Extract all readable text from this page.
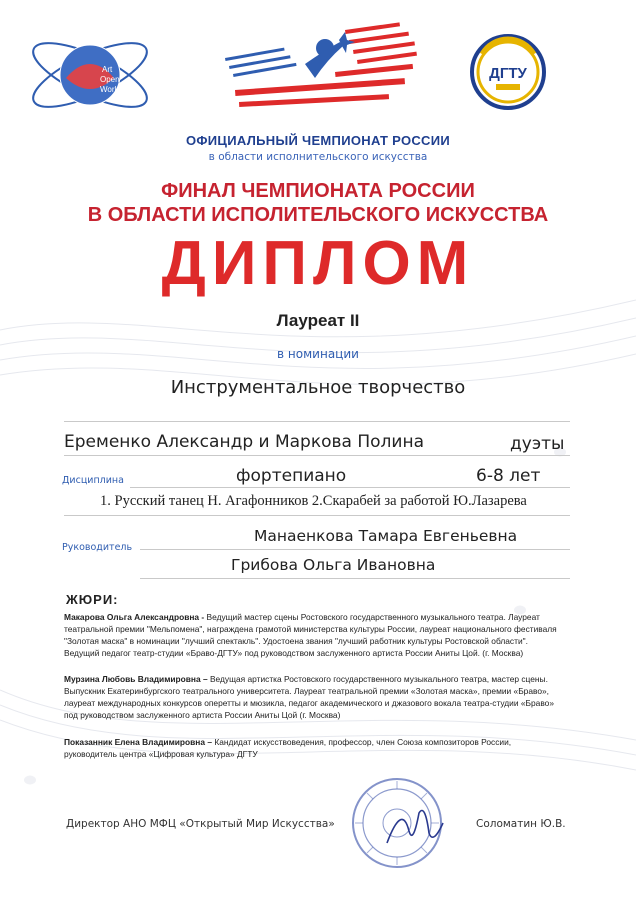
Art
Open
World
ДГТУ
ОФИЦИАЛЬНЫЙ ЧЕМПИОНАТ РОССИИ
в области исполнительского искусства
ФИНАЛ ЧЕМПИОНАТА РОССИИ
В ОБЛАСТИ ИСПОЛИТЕЛЬСКОГО ИСКУССТВА
ДИПЛОМ
Лауреат II
в номинации
Инструментальное творчество
Еременко Александр и Маркова Полина	дуэты
Дисциплина	фортепиано	6-8 лет
1. Русский танец Н. Агафонников 2.Скарабей за работой Ю.Лазарева
Руководитель
Манаенкова Тамара Евгеньевна
Грибова Ольга Ивановна
ЖЮРИ:
Макарова Ольга Александровна - Ведущий мастер сцены Ростовского государственного музыкального театра. Лауреат
театральной премии "Мельпомена", награждена грамотой министерства культуры России, лауреат национального фестиваля
"Золотая маска" в номинации "лучший спектакль". Удостоена звания "лучший работник культуры Ростовской области".
Ведущий педагог театр-студии «Браво-ДГТУ» под руководством заслуженного артиста России Аниты Цой. (г. Москва)
Мурзина Любовь Владимировна – Ведущая артистка Ростовского государственного музыкального театра, мастер сцены.
Выпускник Екатеринбургского театрального университета. Лауреат театральной премии «Золотая маска», премии «Браво»,
лауреат международных конкурсов оперетты и мюзикла, педагог академического и джазового вокала театра-студии «Браво»
под руководством заслуженного артиста России Аниты Цой (г. Москва)
Показанник Елена Владимировна – Кандидат искусствоведения, профессор, член Союза композиторов России,
руководитель центра «Цифровая культура» ДГТУ
Директор АНО МФЦ «Открытый Мир Искусства»	Соломатин Ю.В.
